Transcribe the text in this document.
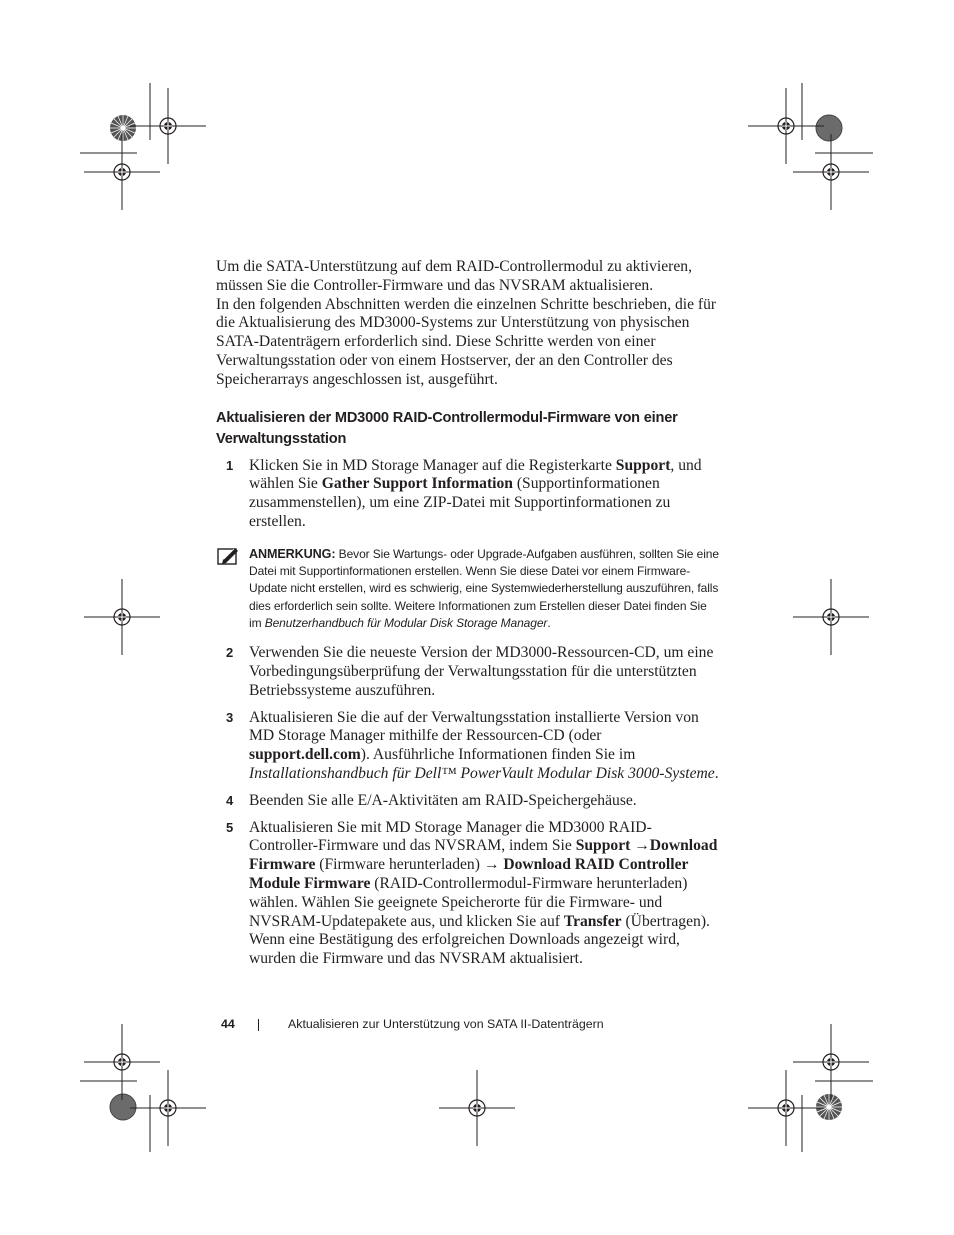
Um die SATA-Unterstützung auf dem RAID-Controllermodul zu aktivieren, müssen Sie die Controller-Firmware und das NVSRAM aktualisieren.

In den folgenden Abschnitten werden die einzelnen Schritte beschrieben, die für die Aktualisierung des MD3000-Systems zur Unterstützung von physischen SATA-Datenträgern erforderlich sind. Diese Schritte werden von einer Verwaltungsstation oder von einem Hostserver, der an den Controller des Speicherarrays angeschlossen ist, ausgeführt.

Aktualisieren der MD3000 RAID-Controllermodul-Firmware von einer Verwaltungsstation
1 Klicken Sie in MD Storage Manager auf die Registerkarte Support, und wählen Sie Gather Support Information (Supportinformationen zusammenstellen), um eine ZIP-Datei mit Supportinformationen zu erstellen.
ANMERKUNG: Bevor Sie Wartungs- oder Upgrade-Aufgaben ausführen, sollten Sie eine Datei mit Supportinformationen erstellen. Wenn Sie diese Datei vor einem Firmware-Update nicht erstellen, wird es schwierig, eine Systemwiederherstellung auszuführen, falls dies erforderlich sein sollte. Weitere Informationen zum Erstellen dieser Datei finden Sie im Benutzerhandbuch für Modular Disk Storage Manager.
2 Verwenden Sie die neueste Version der MD3000-Ressourcen-CD, um eine Vorbedingungsüberprüfung der Verwaltungsstation für die unterstützten Betriebssysteme auszuführen.
3 Aktualisieren Sie die auf der Verwaltungsstation installierte Version von MD Storage Manager mithilfe der Ressourcen-CD (oder support.dell.com). Ausführliche Informationen finden Sie im Installationshandbuch für Dell™ PowerVault Modular Disk 3000-Systeme.
4 Beenden Sie alle E/A-Aktivitäten am RAID-Speichergehäuse.
5 Aktualisieren Sie mit MD Storage Manager die MD3000 RAID-Controller-Firmware und das NVSRAM, indem Sie Support →Download Firmware (Firmware herunterladen) → Download RAID Controller Module Firmware (RAID-Controllermodul-Firmware herunterladen) wählen. Wählen Sie geeignete Speicherorte für die Firmware- und NVSRAM-Updatepakete aus, und klicken Sie auf Transfer (Übertragen). Wenn eine Bestätigung des erfolgreichen Downloads angezeigt wird, wurden die Firmware und das NVSRAM aktualisiert.
44	Aktualisieren zur Unterstützung von SATA II-Datenträgern
